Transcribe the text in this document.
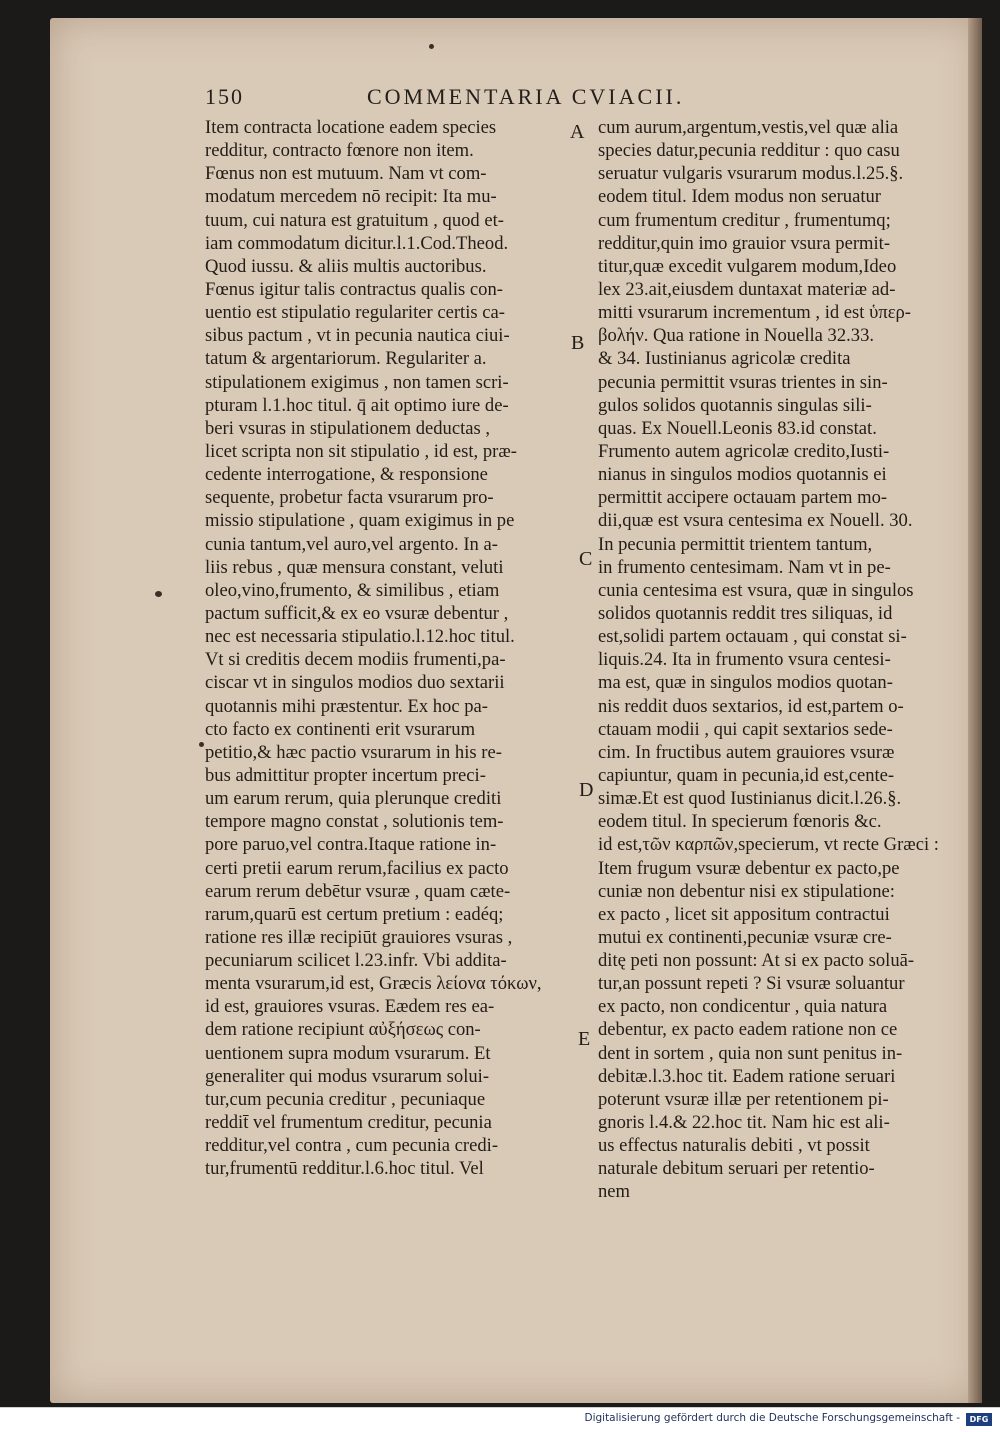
150	COMMENTARIA CVIACII.
Item contracta locatione eadem species
redditur, contracto fœnore non item.
Fœnus non est mutuum. Nam vt com-
modatum mercedem nō recipit: Ita mu-
tuum, cui natura est gratuitum , quod et-
iam commodatum dicitur.l.1.Cod.Theod.
Quod iussu. & aliis multis auctoribus.
Fœnus igitur talis contractus qualis con-
uentio est stipulatio regulariter certis ca-
sibus pactum , vt in pecunia nautica ciui-
tatum & argentariorum. Regulariter a.
stipulationem exigimus , non tamen scri-
pturam l.1.hoc titul. q̄ ait optimo iure de-
beri vsuras in stipulationem deductas ,
licet scripta non sit stipulatio , id est, præ-
cedente interrogatione, & responsione
sequente, probetur facta vsurarum pro-
missio stipulatione , quam exigimus in pe
cunia tantum,vel auro,vel argento. In a-
liis rebus , quæ mensura constant, veluti
oleo,vino,frumento, & similibus , etiam
pactum sufficit,& ex eo vsuræ debentur ,
nec est necessaria stipulatio.l.12.hoc titul.
Vt si creditis decem modiis frumenti,pa-
ciscar vt in singulos modios duo sextarii
quotannis mihi præstentur. Ex hoc pa-
cto facto ex continenti erit vsurarum
petitio,& hæc pactio vsurarum in his re-
bus admittitur propter incertum preci-
um earum rerum, quia plerunque crediti
tempore magno constat , solutionis tem-
pore paruo,vel contra.Itaque ratione in-
certi pretii earum rerum,facilius ex pacto
earum rerum debētur vsuræ , quam cæte-
rarum,quarū est certum pretium : eadéq;
ratione res illæ recipiūt grauiores vsuras ,
pecuniarum scilicet l.23.infr. Vbi addita-
menta vsurarum,id est, Græcis λείονα τόκων,
id est, grauiores vsuras. Eædem res ea-
dem ratione recipiunt αὐξήσεως con-
uentionem supra modum vsurarum. Et
generaliter qui modus vsurarum solui-
tur,cum pecunia creditur , pecuniaque
reddit̄ vel frumentum creditur, pecunia
redditur,vel contra , cum pecunia credi-
tur,frumentū redditur.l.6.hoc titul. Vel
cum aurum,argentum,vestis,vel quæ alia
species datur,pecunia redditur : quo casu
seruatur vulgaris vsurarum modus.l.25.§.
eodem titul. Idem modus non seruatur
cum frumentum creditur , frumentumq;
redditur,quin imo grauior vsura permit-
titur,quæ excedit vulgarem modum,Ideo
lex 23.ait,eiusdem duntaxat materiæ ad-
mitti vsurarum incrementum , id est ὑπερ-
βολήν. Qua ratione in Nouella 32.33.
& 34. Iustinianus agricolæ credita
pecunia permittit vsuras trientes in sin-
gulos solidos quotannis singulas sili-
quas. Ex Nouell.Leonis 83.id constat.
Frumento autem agricolæ credito,Iusti-
nianus in singulos modios quotannis ei
permittit accipere octauam partem mo-
dii,quæ est vsura centesima ex Nouell. 30.
In pecunia permittit trientem tantum,
in frumento centesimam. Nam vt in pe-
cunia centesima est vsura, quæ in singulos
solidos quotannis reddit tres siliquas, id
est,solidi partem octauam , qui constat si-
liquis.24. Ita in frumento vsura centesi-
ma est, quæ in singulos modios quotan-
nis reddit duos sextarios, id est,partem o-
ctauam modii , qui capit sextarios sede-
cim. In fructibus autem grauiores vsuræ
capiuntur, quam in pecunia,id est,cente-
simæ.Et est quod Iustinianus dicit.l.26.§.
eodem titul. In specierum fœnoris &c.
id est,τῶν καρπῶν,specierum, vt recte Græci :
Item frugum vsuræ debentur ex pacto,pe
cuniæ non debentur nisi ex stipulatione:
ex pacto , licet sit appositum contractui
mutui ex continenti,pecuniæ vsuræ cre-
ditę peti non possunt: At si ex pacto soluā-
tur,an possunt repeti ? Si vsuræ soluantur
ex pacto, non condicentur , quia natura
debentur, ex pacto eadem ratione non ce
dent in sortem , quia non sunt penitus in-
debitæ.l.3.hoc tit. Eadem ratione seruari
poterunt vsuræ illæ per retentionem pi-
gnoris l.4.& 22.hoc tit. Nam hic est ali-
us effectus naturalis debiti , vt possit
naturale debitum seruari per retentio-
nem
A
B
C
D
E
Digitalisierung gefördert durch die Deutsche Forschungsgemeinschaft -	DFG
